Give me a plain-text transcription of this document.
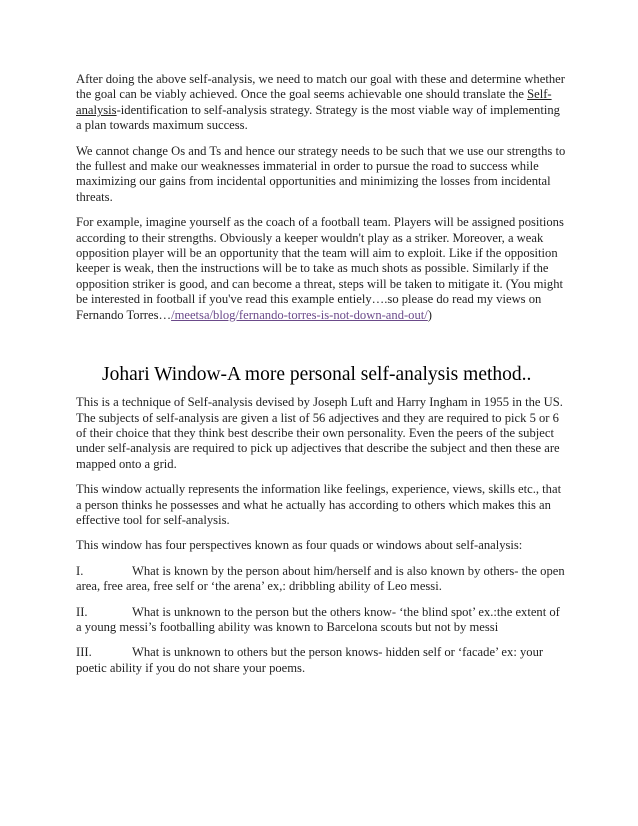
After doing the above self-analysis, we need to match our goal with these and determine whether the goal can be viably achieved. Once the goal seems achievable one should translate the Self-analysis-identification to self-analysis strategy. Strategy is the most viable way of implementing a plan towards maximum success.

We cannot change Os and Ts and hence our strategy needs to be such that we use our strengths to the fullest and make our weaknesses immaterial in order to pursue the road to success while maximizing our gains from incidental opportunities and minimizing the losses from incidental threats.

For example, imagine yourself as the coach of a football team. Players will be assigned positions according to their strengths. Obviously a keeper wouldn't play as a striker. Moreover, a weak opposition player will be an opportunity that the team will aim to exploit. Like if the opposition keeper is weak, then the instructions will be to take as much shots as possible. Similarly if the opposition striker is good, and can become a threat, steps will be taken to mitigate it. (You might be interested in football if you've read this example entiely….so please do read my views on Fernando Torres…/meetsa/blog/fernando-torres-is-not-down-and-out/)

Johari Window-A more personal self-analysis method..

This is a technique of Self-analysis devised by Joseph Luft and Harry Ingham in 1955 in the US. The subjects of self-analysis are given a list of 56 adjectives and they are required to pick 5 or 6 of their choice that they think best describe their own personality. Even the peers of the subject under self-analysis are required to pick up adjectives that describe the subject and then these are mapped onto a grid.

This window actually represents the information like feelings, experience, views, skills etc., that a person thinks he possesses and what he actually has according to others which makes this an effective tool for self-analysis.

This window has four perspectives known as four quads or windows about self-analysis:

I.	What is known by the person about him/herself and is also known by others- the open area, free area, free self or ‘the arena’ ex,: dribbling ability of Leo messi.
II.	What is unknown to the person but the others know- ‘the blind spot’ ex.:the extent of a young messi’s footballing ability was known to Barcelona scouts but not by messi
III.	What is unknown to others but the person knows- hidden self or ‘facade’ ex: your poetic ability if you do not share your poems.
